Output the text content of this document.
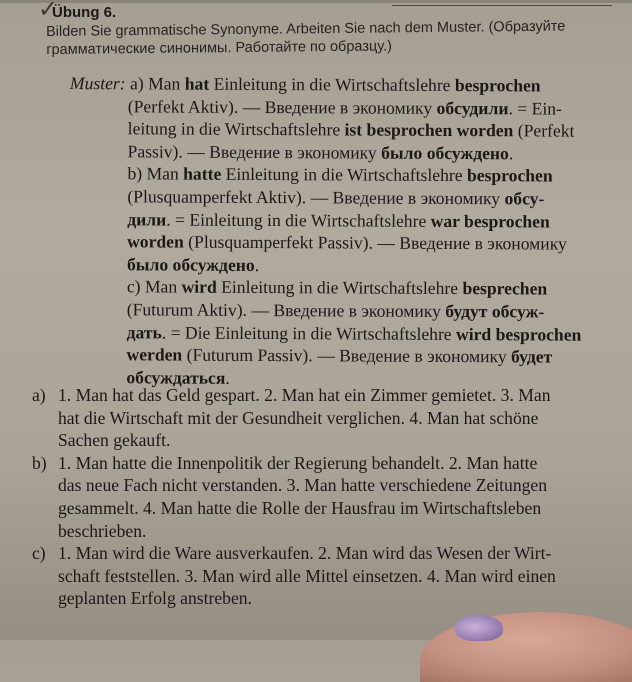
✓
Übung 6.
Bilden Sie grammatische Synonyme. Arbeiten Sie nach dem Muster. (Образуйте
грамматические синонимы. Работайте по образцу.)
Muster: a) Man hat Einleitung in die Wirtschaftslehre besprochen
(Perfekt Aktiv). — Введение в экономику обсудили. = Ein-
leitung in die Wirtschaftslehre ist besprochen worden (Perfekt
Passiv). — Введение в экономику было обсуждено.
b) Man hatte Einleitung in die Wirtschaftslehre besprochen
(Plusquamperfekt Aktiv). — Введение в экономику обсу-
дили. = Einleitung in die Wirtschaftslehre war besprochen
worden (Plusquamperfekt Passiv). — Введение в экономику
было обсуждено.
c) Man wird Einleitung in die Wirtschaftslehre besprechen
(Futurum Aktiv). — Введение в экономику будут обсуж-
дать. = Die Einleitung in die Wirtschaftslehre wird besprochen
werden (Futurum Passiv). — Введение в экономику будет
обсуждаться.
a) 1. Man hat das Geld gespart. 2. Man hat ein Zimmer gemietet. 3. Man
hat die Wirtschaft mit der Gesundheit verglichen. 4. Man hat schöne
Sachen gekauft.
b) 1. Man hatte die Innenpolitik der Regierung behandelt. 2. Man hatte
das neue Fach nicht verstanden. 3. Man hatte verschiedene Zeitungen
gesammelt. 4. Man hatte die Rolle der Hausfrau im Wirtschaftsleben
beschrieben.
c) 1. Man wird die Ware ausverkaufen. 2. Man wird das Wesen der Wirt-
schaft feststellen. 3. Man wird alle Mittel einsetzen. 4. Man wird einen
geplanten Erfolg anstreben.
